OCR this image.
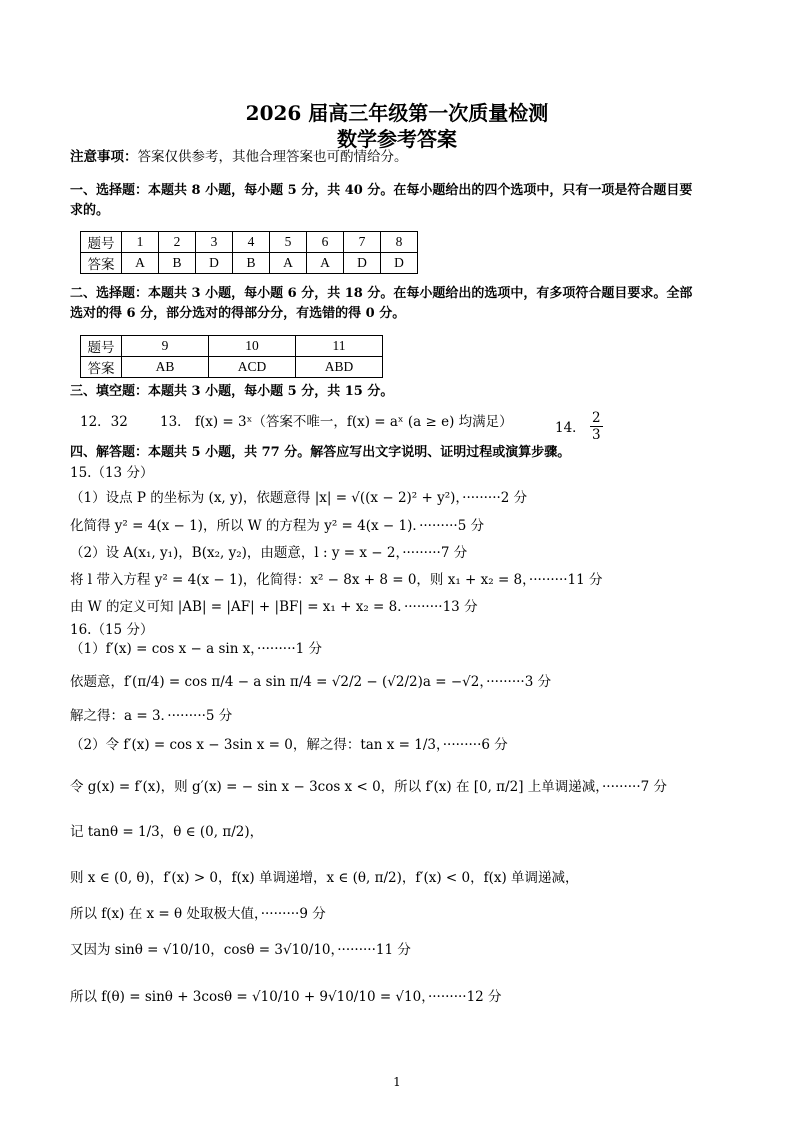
2026 届高三年级第一次质量检测
数学参考答案
注意事项：答案仅供参考，其他合理答案也可酌情给分。
一、选择题：本题共 8 小题，每小题 5 分，共 40 分。在每小题给出的四个选项中，只有一项是符合题目要
求的。
题号	1	2	3	4	5	6	7	8
答案	A	B	D	B	A	A	D	D
二、选择题：本题共 3 小题，每小题 6 分，共 18 分。在每小题给出的选项中，有多项符合题目要求。全部
选对的得 6 分，部分选对的得部分分，有选错的得 0 分。
题号	9	10	11
答案	AB	ACD	ABD
三、填空题：本题共 3 小题，每小题 5 分，共 15 分。
12．32 13． f(x) = 3ˣ（答案不唯一，f(x) = aˣ (a ≥ e) 均满足）	14． $\frac{2}{3}$
四、解答题：本题共 5 小题，共 77 分。解答应写出文字说明、证明过程或演算步骤。
15.（13 分）
（1）设点 P 的坐标为 (x, y)，依题意得 |x| = √((x − 2)² + y²)，·········2 分
化简得 y² = 4(x − 1)，所以 W 的方程为 y² = 4(x − 1)．·········5 分
（2）设 A(x₁, y₁)，B(x₂, y₂)，由题意，l : y = x − 2，·········7 分
将 l 带入方程 y² = 4(x − 1)，化简得：x² − 8x + 8 = 0，则 x₁ + x₂ = 8，·········11 分
由 W 的定义可知 |AB| = |AF| + |BF| = x₁ + x₂ = 8．·········13 分
16.（15 分）
（1）f′(x) = cos x − a sin x，·········1 分
依题意，f′(π/4) = cos π/4 − a sin π/4 = √2/2 − (√2/2)a = −√2，·········3 分
解之得：a = 3．·········5 分
（2）令 f′(x) = cos x − 3sin x = 0，解之得：tan x = 1/3，·········6 分
令 g(x) = f′(x)，则 g′(x) = − sin x − 3cos x < 0，所以 f′(x) 在 [0, π/2] 上单调递减，·········7 分
记 tanθ = 1/3，θ ∈ (0, π/2)，
则 x ∈ (0, θ)，f′(x) > 0，f(x) 单调递增，x ∈ (θ, π/2)，f′(x) < 0，f(x) 单调递减，
所以 f(x) 在 x = θ 处取极大值，·········9 分
又因为 sinθ = √10/10，cosθ = 3√10/10，·········11 分
所以 f(θ) = sinθ + 3cosθ = √10/10 + 9√10/10 = √10，·········12 分
1
